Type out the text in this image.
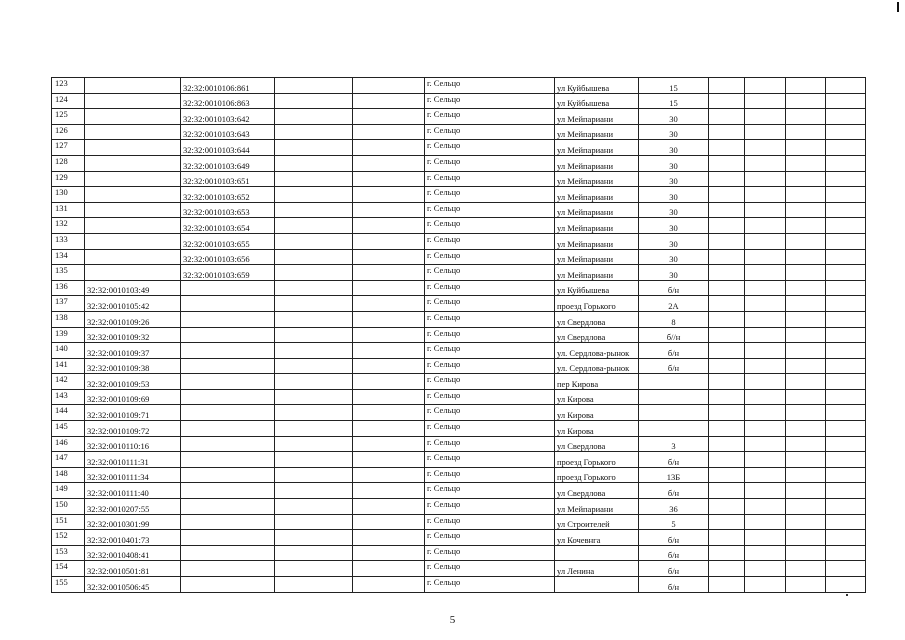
123		32:32:0010106:861			г. Сельцо	ул Куйбышева	15				
124		32:32:0010106:863			г. Сельцо	ул Куйбышева	15				
125		32:32:0010103:642			г. Сельцо	ул Мейпариани	30				
126		32:32:0010103:643			г. Сельцо	ул Мейпариани	30				
127		32:32:0010103:644			г. Сельцо	ул Мейпариани	30				
128		32:32:0010103:649			г. Сельцо	ул Мейпариани	30				
129		32:32:0010103:651			г. Сельцо	ул Мейпариани	30				
130		32:32:0010103:652			г. Сельцо	ул Мейпариани	30				
131		32:32:0010103:653			г. Сельцо	ул Мейпариани	30				
132		32:32:0010103:654			г. Сельцо	ул Мейпариани	30				
133		32:32:0010103:655			г. Сельцо	ул Мейпариани	30				
134		32:32:0010103:656			г. Сельцо	ул Мейпариани	30				
135		32:32:0010103:659			г. Сельцо	ул Мейпариани	30				
136	32:32:0010103:49				г. Сельцо	ул Куйбышева	б/н				
137	32:32:0010105:42				г. Сельцо	проезд Горького	2А				
138	32:32:0010109:26				г. Сельцо	ул Свердлова	8				
139	32:32:0010109:32				г. Сельцо	ул Свердлова	б//н				
140	32:32:0010109:37				г. Сельцо	ул. Сердлова-рынок	б/н				
141	32:32:0010109:38				г. Сельцо	ул. Сердлова-рынок	б/н				
142	32:32:0010109:53				г. Сельцо	пер Кирова					
143	32:32:0010109:69				г. Сельцо	ул Кирова					
144	32:32:0010109:71				г. Сельцо	ул Кирова					
145	32:32:0010109:72				г. Сельцо	ул Кирова					
146	32:32:0010110:16				г. Сельцо	ул Свердлова	3				
147	32:32:0010111:31				г. Сельцо	проезд Горького	б/н				
148	32:32:0010111:34				г. Сельцо	проезд Горького	13Б				
149	32:32:0010111:40				г. Сельцо	ул Свердлова	б/н				
150	32:32:0010207:55				г. Сельцо	ул Мейпариани	36				
151	32:32:0010301:99				г. Сельцо	ул Строителей	5				
152	32:32:0010401:73				г. Сельцо	ул Кочевнга	б/н				
153	32:32:0010408:41				г. Сельцо		б/н				
154	32:32:0010501:81				г. Сельцо	ул Ленина	б/н				
155	32:32:0010506:45				г. Сельцо		б/н				
5
